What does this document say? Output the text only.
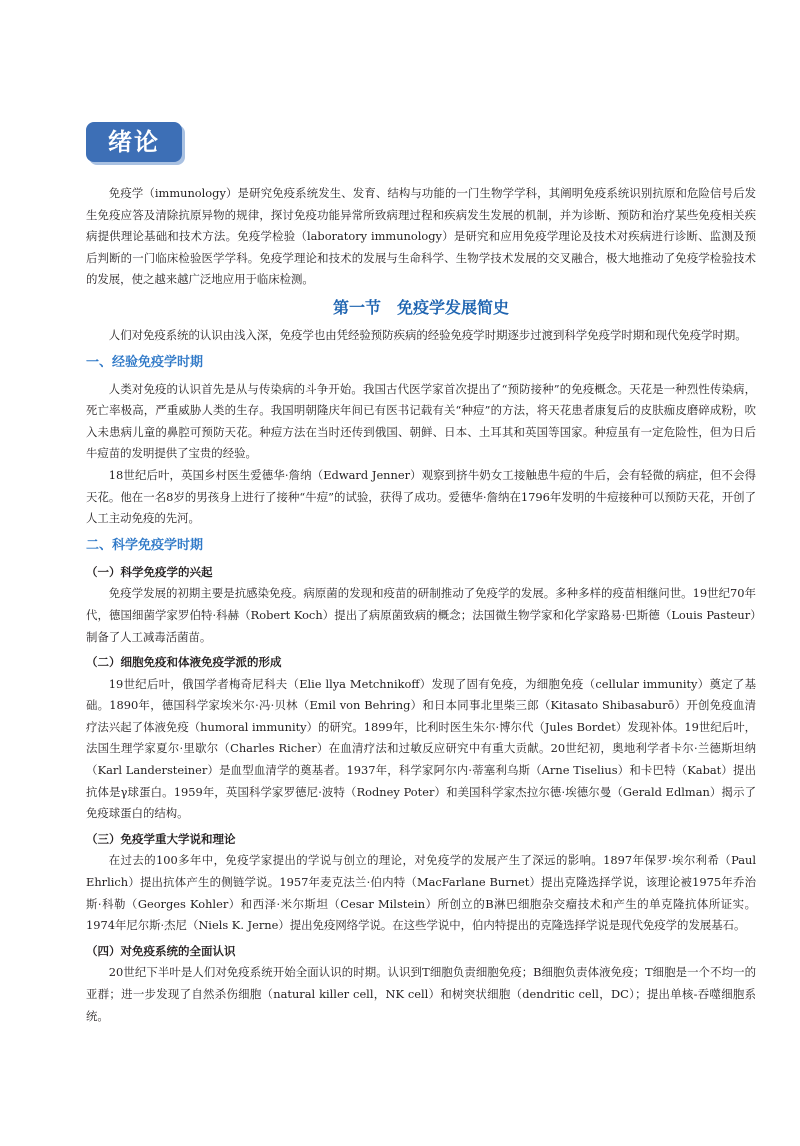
绪论

免疫学（immunology）是研究免疫系统发生、发育、结构与功能的一门生物学学科，其阐明免疫系统识别抗原和危险信号后发生免疫应答及清除抗原异物的规律，探讨免疫功能异常所致病理过程和疾病发生发展的机制，并为诊断、预防和治疗某些免疫相关疾病提供理论基础和技术方法。免疫学检验（laboratory immunology）是研究和应用免疫学理论及技术对疾病进行诊断、监测及预后判断的一门临床检验医学学科。免疫学理论和技术的发展与生命科学、生物学技术发展的交叉融合，极大地推动了免疫学检验技术的发展，使之越来越广泛地应用于临床检测。

第一节　免疫学发展简史

人们对免疫系统的认识由浅入深，免疫学也由凭经验预防疾病的经验免疫学时期逐步过渡到科学免疫学时期和现代免疫学时期。

一、经验免疫学时期

人类对免疫的认识首先是从与传染病的斗争开始。我国古代医学家首次提出了“预防接种”的免疫概念。天花是一种烈性传染病，死亡率极高，严重威胁人类的生存。我国明朝隆庆年间已有医书记载有关“种痘”的方法，将天花患者康复后的皮肤痂皮磨碎成粉，吹入未患病儿童的鼻腔可预防天花。种痘方法在当时还传到俄国、朝鲜、日本、土耳其和英国等国家。种痘虽有一定危险性，但为日后牛痘苗的发明提供了宝贵的经验。

18世纪后叶，英国乡村医生爱德华·詹纳（Edward Jenner）观察到挤牛奶女工接触患牛痘的牛后，会有轻微的病症，但不会得天花。他在一名8岁的男孩身上进行了接种“牛痘”的试验，获得了成功。爱德华·詹纳在1796年发明的牛痘接种可以预防天花，开创了人工主动免疫的先河。

二、科学免疫学时期
（一）科学免疫学的兴起

免疫学发展的初期主要是抗感染免疫。病原菌的发现和疫苗的研制推动了免疫学的发展。多种多样的疫苗相继问世。19世纪70年代，德国细菌学家罗伯特·科赫（Robert Koch）提出了病原菌致病的概念；法国微生物学家和化学家路易·巴斯德（Louis Pasteur）制备了人工减毒活菌苗。

（二）细胞免疫和体液免疫学派的形成

19世纪后叶，俄国学者梅奇尼科夫（Elie llya Metchnikoff）发现了固有免疫，为细胞免疫（cellular immunity）奠定了基础。1890年，德国科学家埃米尔·冯·贝林（Emil von Behring）和日本同事北里柴三郎（Kitasato Shibasaburō）开创免疫血清疗法兴起了体液免疫（humoral immunity）的研究。1899年，比利时医生朱尔·博尔代（Jules Bordet）发现补体。19世纪后叶，法国生理学家夏尔·里歇尔（Charles Richer）在血清疗法和过敏反应研究中有重大贡献。20世纪初，奥地利学者卡尔·兰德斯坦纳（Karl Landersteiner）是血型血清学的奠基者。1937年，科学家阿尔内·蒂塞利乌斯（Arne Tiselius）和卡巴特（Kabat）提出抗体是γ球蛋白。1959年，英国科学家罗德尼·波特（Rodney Poter）和美国科学家杰拉尔德·埃德尔曼（Gerald Edlman）揭示了免疫球蛋白的结构。

（三）免疫学重大学说和理论

在过去的100多年中，免疫学家提出的学说与创立的理论，对免疫学的发展产生了深远的影响。1897年保罗·埃尔利希（Paul Ehrlich）提出抗体产生的侧链学说。1957年麦克法兰·伯内特（MacFarlane Burnet）提出克隆选择学说，该理论被1975年乔治斯·科勒（Georges Kohler）和西泽·米尔斯坦（Cesar Milstein）所创立的B淋巴细胞杂交瘤技术和产生的单克隆抗体所证实。1974年尼尔斯·杰尼（Niels K. Jerne）提出免疫网络学说。在这些学说中，伯内特提出的克隆选择学说是现代免疫学的发展基石。

（四）对免疫系统的全面认识

20世纪下半叶是人们对免疫系统开始全面认识的时期。认识到T细胞负责细胞免疫；B细胞负责体液免疫；T细胞是一个不均一的亚群；进一步发现了自然杀伤细胞（natural killer cell，NK cell）和树突状细胞（dendritic cell，DC）；提出单核-吞噬细胞系统。
